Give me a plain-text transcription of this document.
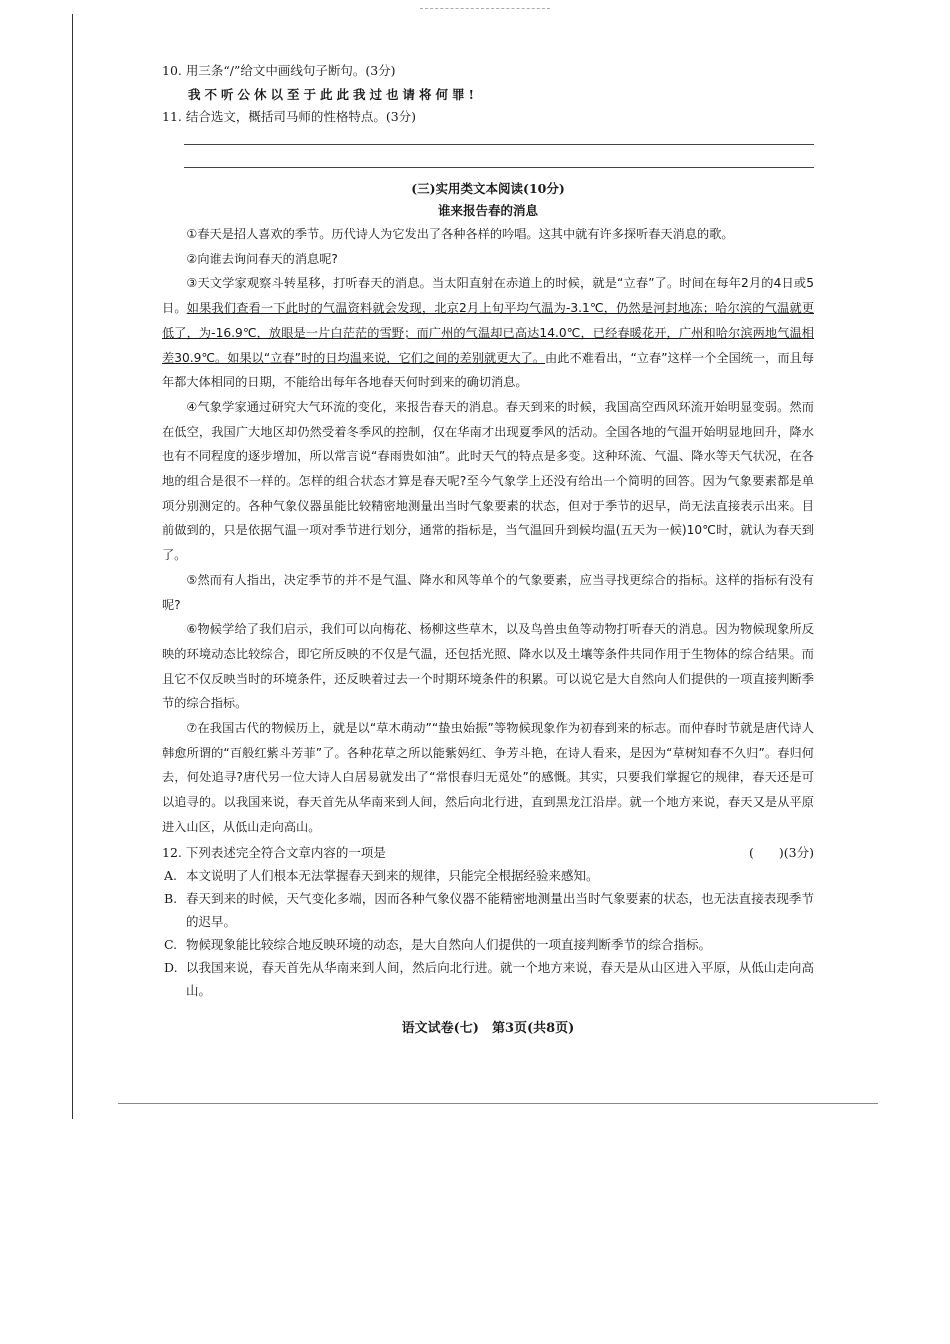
10. 用三条“/”给文中画线句子断句。(3分)

我不听公休以至于此此我过也请将何罪!

11. 结合选文，概括司马师的性格特点。(3分)

(三)实用类文本阅读(10分)

谁来报告春的消息

①春天是招人喜欢的季节。历代诗人为它发出了各种各样的吟唱。这其中就有许多探听春天消息的歌。

②向谁去询问春天的消息呢?

③天文学家观察斗转星移，打听春天的消息。当太阳直射在赤道上的时候，就是“立春”了。时间在每年2月的4日或5日。如果我们查看一下此时的气温资料就会发现，北京2月上旬平均气温为-3.1℃，仍然是河封地冻；哈尔滨的气温就更低了，为-16.9℃，放眼是一片白茫茫的雪野；而广州的气温却已高达14.0℃，已经春暖花开，广州和哈尔滨两地气温相差30.9℃。如果以“立春”时的日均温来说，它们之间的差别就更大了。由此不难看出，“立春”这样一个全国统一，而且每年都大体相同的日期，不能给出每年各地春天何时到来的确切消息。

④气象学家通过研究大气环流的变化，来报告春天的消息。春天到来的时候，我国高空西风环流开始明显变弱。然而在低空，我国广大地区却仍然受着冬季风的控制，仅在华南才出现夏季风的活动。全国各地的气温开始明显地回升，降水也有不同程度的逐步增加，所以常言说“春雨贵如油”。此时天气的特点是多变。这种环流、气温、降水等天气状况，在各地的组合是很不一样的。怎样的组合状态才算是春天呢?至今气象学上还没有给出一个简明的回答。因为气象要素都是单项分别测定的。各种气象仪器虽能比较精密地测量出当时气象要素的状态，但对于季节的迟早，尚无法直接表示出来。目前做到的，只是依据气温一项对季节进行划分，通常的指标是，当气温回升到候均温(五天为一候)10℃时，就认为春天到了。

⑤然而有人指出，决定季节的并不是气温、降水和风等单个的气象要素，应当寻找更综合的指标。这样的指标有没有呢?

⑥物候学给了我们启示，我们可以向梅花、杨柳这些草木，以及鸟兽虫鱼等动物打听春天的消息。因为物候现象所反映的环境动态比较综合，即它所反映的不仅是气温，还包括光照、降水以及土壤等条件共同作用于生物体的综合结果。而且它不仅反映当时的环境条件，还反映着过去一个时期环境条件的积累。可以说它是大自然向人们提供的一项直接判断季节的综合指标。

⑦在我国古代的物候历上，就是以“草木萌动”“蛰虫始振”等物候现象作为初春到来的标志。而仲春时节就是唐代诗人韩愈所谓的“百般红紫斗芳菲”了。各种花草之所以能紫妈红、争芳斗艳，在诗人看来，是因为“草树知春不久归”。春归何去，何处追寻?唐代另一位大诗人白居易就发出了“常恨春归无觅处”的感慨。其实，只要我们掌握它的规律，春天还是可以追寻的。以我国来说，春天首先从华南来到人间，然后向北行进，直到黑龙江沿岸。就一个地方来说，春天又是从平原进入山区，从低山走向高山。

12. 下列表述完全符合文章内容的一项是	(　　)(3分)
A. 本文说明了人们根本无法掌握春天到来的规律，只能完全根据经验来感知。
B. 春天到来的时候，天气变化多端，因而各种气象仪器不能精密地测量出当时气象要素的状态，也无法直接表现季节的迟早。
C. 物候现象能比较综合地反映环境的动态，是大自然向人们提供的一项直接判断季节的综合指标。
D. 以我国来说，春天首先从华南来到人间，然后向北行进。就一个地方来说，春天是从山区进入平原，从低山走向高山。

语文试卷(七)　第3页(共8页)
